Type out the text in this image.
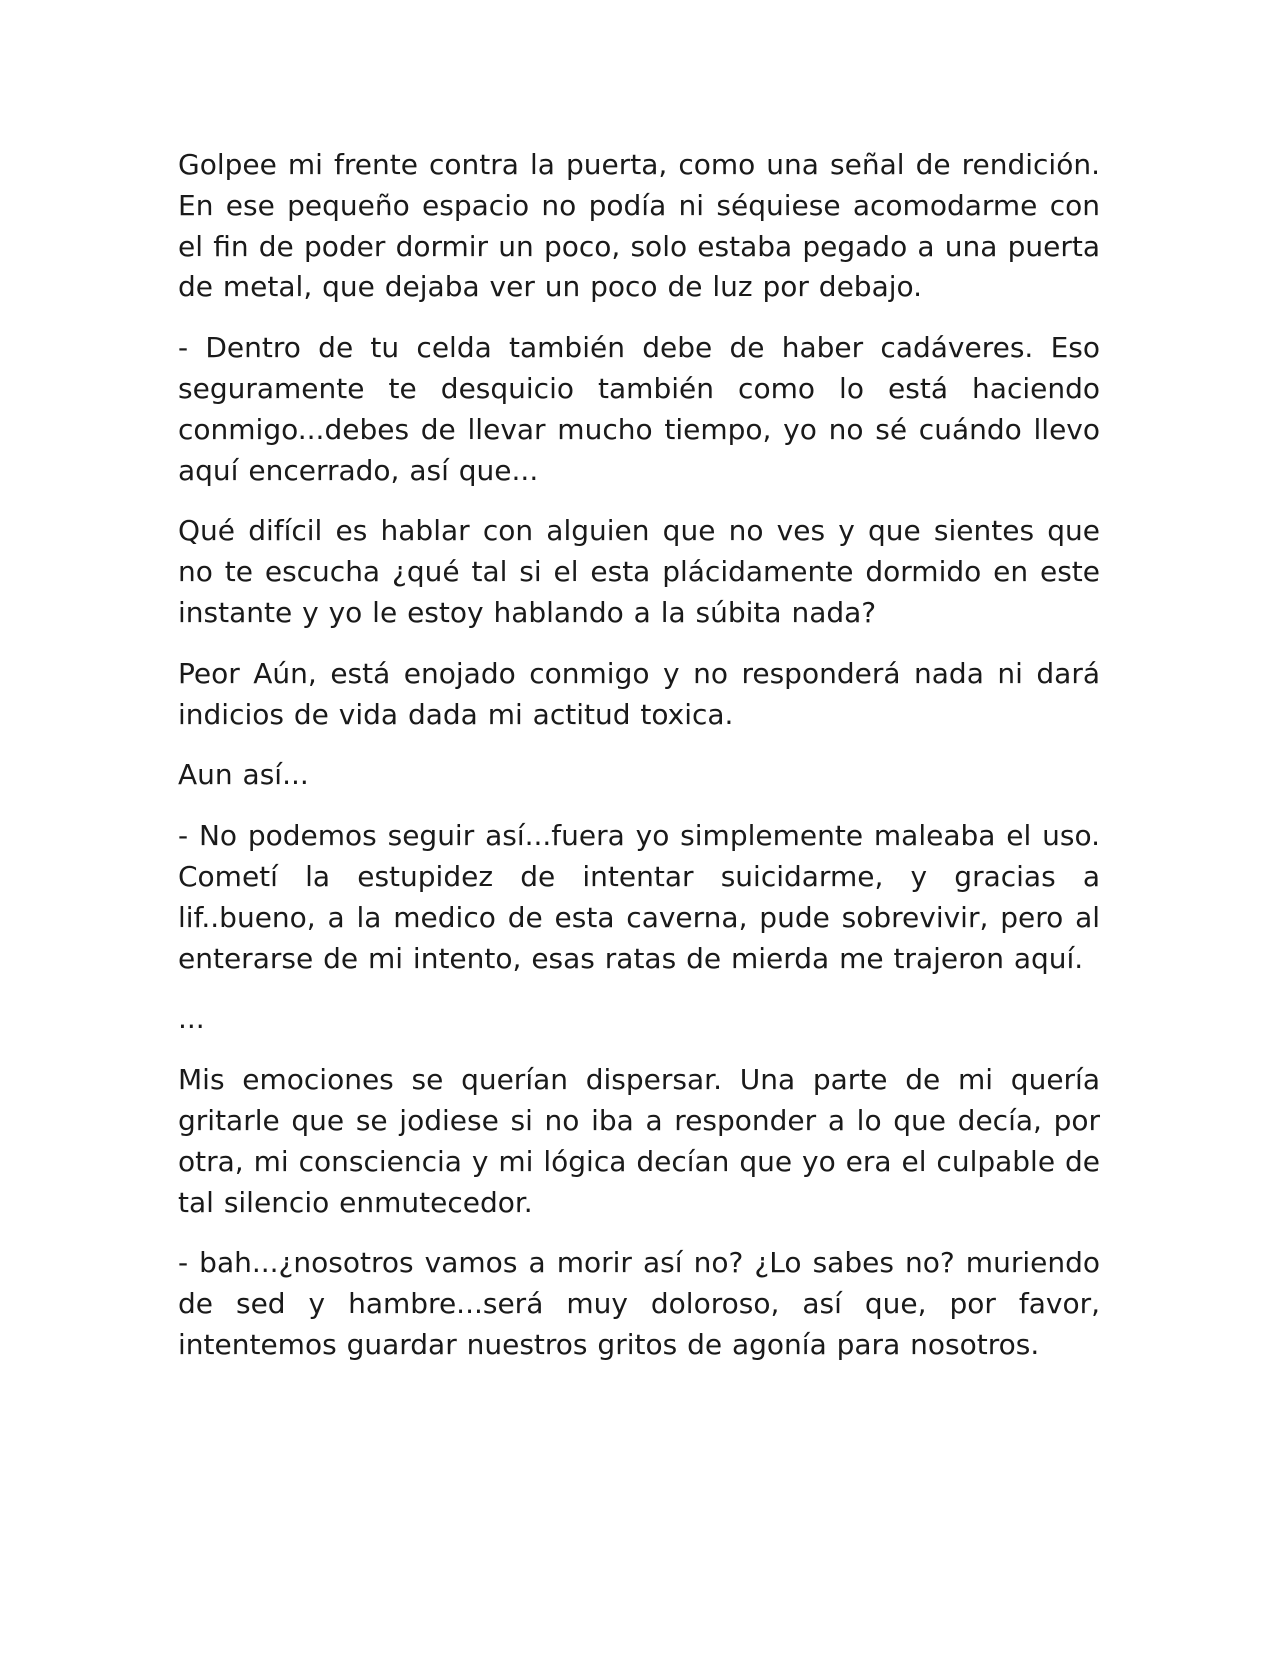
Golpee mi frente contra la puerta, como una señal de rendición. En ese pequeño espacio no podía ni séquiese acomodarme con el fin de poder dormir un poco, solo estaba pegado a una puerta de metal, que dejaba ver un poco de luz por debajo.

- Dentro de tu celda también debe de haber cadáveres. Eso seguramente te desquicio también como lo está haciendo conmigo...debes de llevar mucho tiempo, yo no sé cuándo llevo aquí encerrado, así que...

Qué difícil es hablar con alguien que no ves y que sientes que no te escucha ¿qué tal si el esta plácidamente dormido en este instante y yo le estoy hablando a la súbita nada?

Peor Aún, está enojado conmigo y no responderá nada ni dará indicios de vida dada mi actitud toxica.

Aun así...

- No podemos seguir así...fuera yo simplemente maleaba el uso. Cometí la estupidez de intentar suicidarme, y gracias a lif..bueno, a la medico de esta caverna, pude sobrevivir, pero al enterarse de mi intento, esas ratas de mierda me trajeron aquí.

...

Mis emociones se querían dispersar. Una parte de mi quería gritarle que se jodiese si no iba a responder a lo que decía, por otra, mi consciencia y mi lógica decían que yo era el culpable de tal silencio enmutecedor.

- bah...¿nosotros vamos a morir así no? ¿Lo sabes no? muriendo de sed y hambre...será muy doloroso, así que, por favor, intentemos guardar nuestros gritos de agonía para nosotros.
